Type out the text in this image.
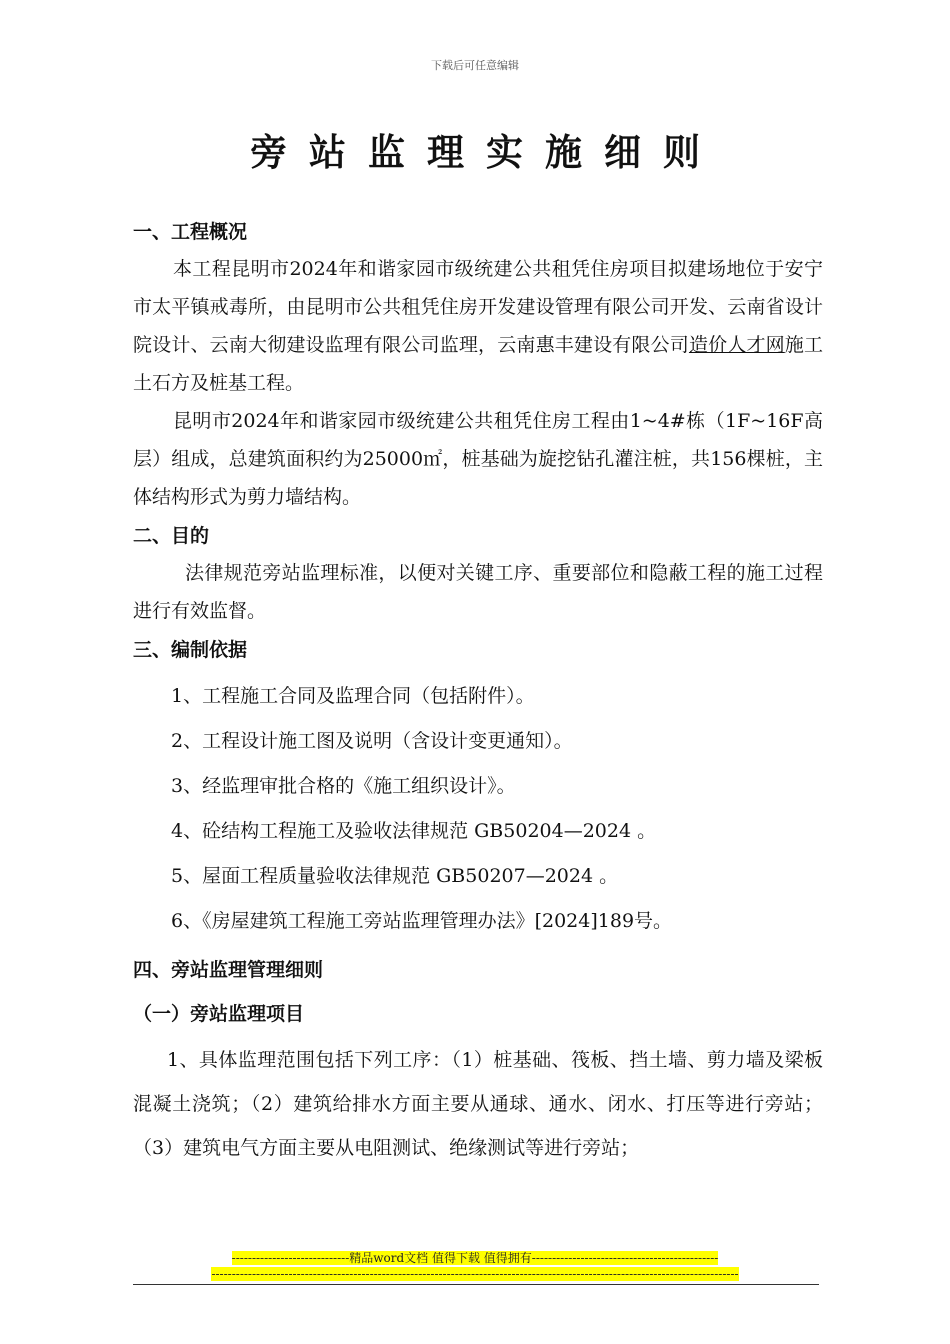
下载后可任意编辑
旁站监理实施细则

一、工程概况

本工程昆明市2024年和谐家园市级统建公共租凭住房项目拟建场地位于安宁市太平镇戒毒所，由昆明市公共租凭住房开发建设管理有限公司开发、云南省设计院设计、云南大彻建设监理有限公司监理，云南惠丰建设有限公司造价人才网施工土石方及桩基工程。

昆明市2024年和谐家园市级统建公共租凭住房工程由1~4#栋（1F~16F高层）组成，总建筑面积约为25000㎡，桩基础为旋挖钻孔灌注桩，共156棵桩，主体结构形式为剪力墙结构。

二、目的

法律规范旁站监理标准，以便对关键工序、重要部位和隐蔽工程的施工过程进行有效监督。

三、编制依据

1、工程施工合同及监理合同（包括附件）。

2、工程设计施工图及说明（含设计变更通知）。

3、经监理审批合格的《施工组织设计》。

4、砼结构工程施工及验收法律规范 GB50204—2024 。

5、屋面工程质量验收法律规范 GB50207—2024 。

6、《房屋建筑工程施工旁站监理管理办法》[2024]189号。

四、旁站监理管理细则

（一）旁站监理项目

1、具体监理范围包括下列工序：（1）桩基础、筏板、挡土墙、剪力墙及梁板混凝土浇筑；（2）建筑给排水方面主要从通球、通水、闭水、打压等进行旁站；（3）建筑电气方面主要从电阻测试、绝缘测试等进行旁站；

-----------------------------精品word文档 值得下载 值得拥有----------------------------------------------
----------------------------------------------------------------------------------------------------------------------------------
